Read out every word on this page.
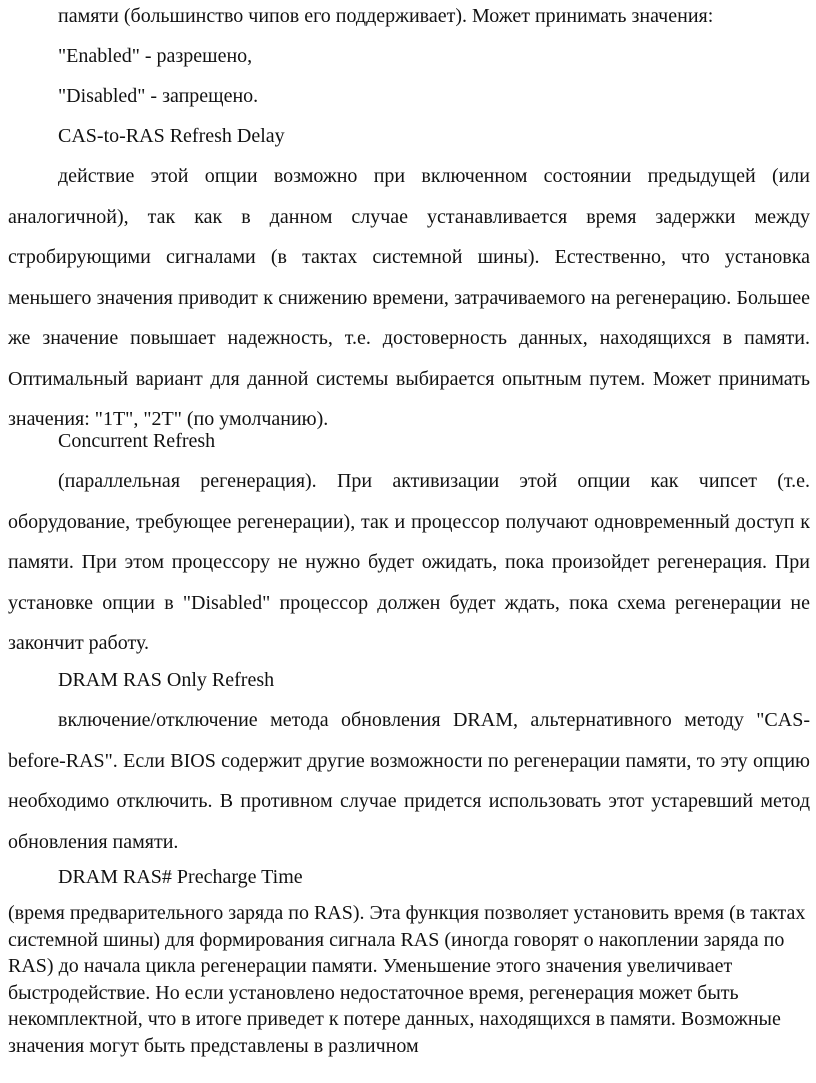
памяти (большинство чипов его поддерживает). Может принимать значения:

"Enabled" - разрешено,

"Disabled" - запрещено.

CAS-to-RAS Refresh Delay

действие этой опции возможно при включенном состоянии предыдущей (или аналогичной), так как в данном случае устанавливается время задержки между стробирующими сигналами (в тактах системной шины). Естественно, что установка меньшего значения приводит к снижению времени, затрачиваемого на регенерацию. Большее же значение повышает надежность, т.е. достоверность данных, находящихся в памяти. Оптимальный вариант для данной системы выбирается опытным путем. Может принимать значения: "1T", "2T" (по умолчанию).

Concurrent Refresh

(параллельная регенерация). При активизации этой опции как чипсет (т.е. оборудование, требующее регенерации), так и процессор получают одновременный доступ к памяти. При этом процессору не нужно будет ожидать, пока произойдет регенерация. При установке опции в "Disabled" процессор должен будет ждать, пока схема регенерации не закончит работу.

DRAM RAS Only Refresh

включение/отключение метода обновления DRAM, альтернативного методу "CAS-before-RAS". Если BIOS содержит другие возможности по регенерации памяти, то эту опцию необходимо отключить. В противном случае придется использовать этот устаревший метод обновления памяти.

DRAM RAS# Precharge Time

(время предварительного заряда по RAS). Эта функция позволяет установить время (в тактах системной шины) для формирования сигнала RAS (иногда говорят о накоплении заряда по RAS) до начала цикла регенерации памяти. Уменьшение этого значения увеличивает быстродействие. Но если установлено недостаточное время, регенерация может быть некомплектной, что в итоге приведет к потере данных, находящихся в памяти. Возможные значения могут быть представлены в различном
